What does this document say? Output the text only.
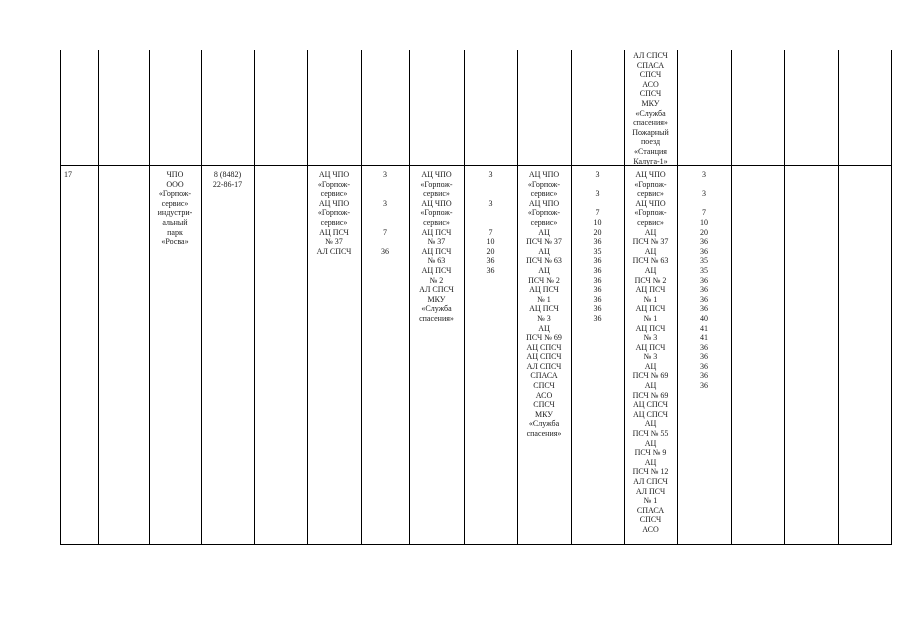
АЛ СПСЧ
СПАСА
СПСЧ
АСО
СПСЧ
МКУ
«Служба
спасения»
Пожарный
поезд
«Станция
Калуга-1»
17	ЧПО
ООО
«Горпож-
сервис»
индустри-
альный
парк
«Росва»
8 (8482)
22-86-17
АЦ ЧПО
«Горпож-
сервис»
АЦ ЧПО
«Горпож-
сервис»
АЦ ПСЧ
№ 37
АЛ СПСЧ
3

3

7

36
АЦ ЧПО
«Горпож-
сервис»
АЦ ЧПО
«Горпож-
сервис»
АЦ ПСЧ
№ 37
АЦ ПСЧ
№ 63
АЦ ПСЧ
№ 2
АЛ СПСЧ
МКУ
«Служба
спасения»
3

3

7
10
20
36
36
АЦ ЧПО
«Горпож-
сервис»
АЦ ЧПО
«Горпож-
сервис»
АЦ
ПСЧ № 37
АЦ
ПСЧ № 63
АЦ
ПСЧ № 2
АЦ ПСЧ
№ 1
АЦ ПСЧ
№ 3
АЦ
ПСЧ № 69
АЦ СПСЧ
АЦ СПСЧ
АЛ СПСЧ
СПАСА
СПСЧ
АСО
СПСЧ
МКУ
«Служба
спасения»
3

3

7
10
20
36
35
36
36
36
36
36
36
36
АЦ ЧПО
«Горпож-
сервис»
АЦ ЧПО
«Горпож-
сервис»
АЦ
ПСЧ № 37
АЦ
ПСЧ № 63
АЦ
ПСЧ № 2
АЦ ПСЧ
№ 1
АЦ ПСЧ
№ 1
АЦ ПСЧ
№ 3
АЦ ПСЧ
№ 3
АЦ
ПСЧ № 69
АЦ
ПСЧ № 69
АЦ СПСЧ
АЦ СПСЧ
АЦ
ПСЧ № 55
АЦ
ПСЧ № 9
АЦ
ПСЧ № 12
АЛ СПСЧ
АЛ ПСЧ
№ 1
СПАСА
СПСЧ
АСО
3

3

7
10
20
36
36
35
35
36
36
36
36
40
41
41
36
36
36
36
36
